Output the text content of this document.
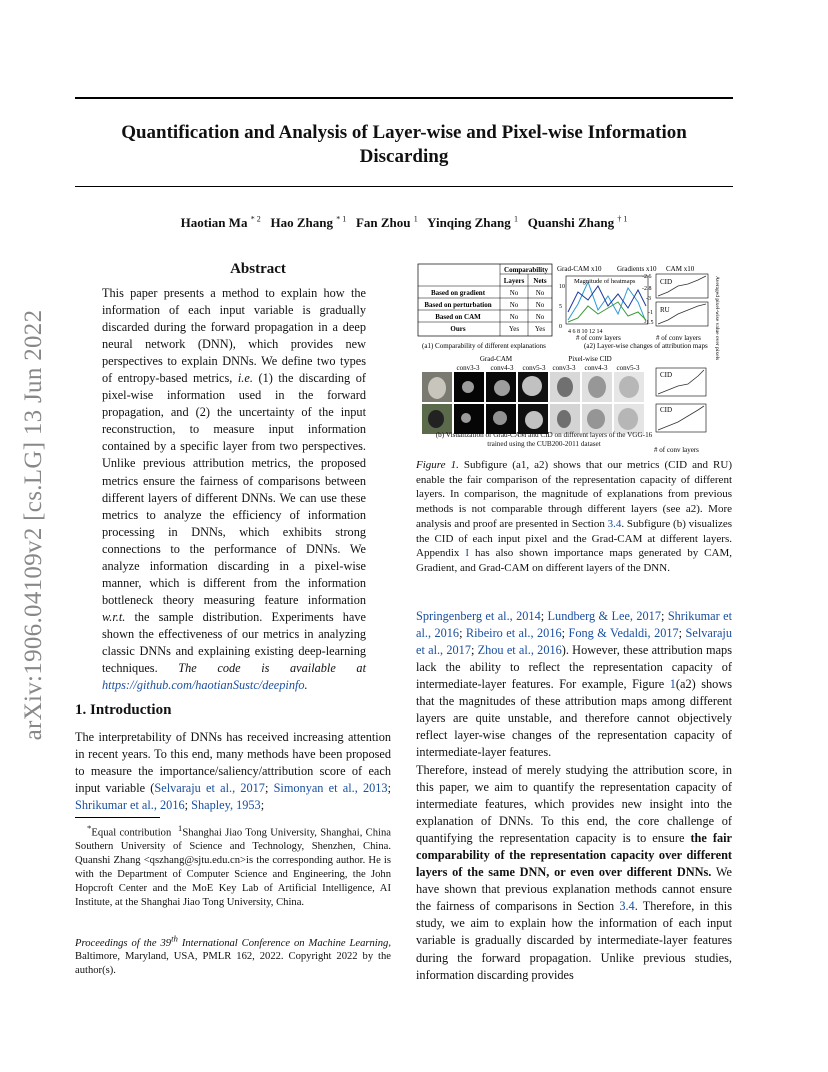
arXiv:1906.04109v2 [cs.LG] 13 Jun 2022
Quantification and Analysis of Layer-wise and Pixel-wise Information
Discarding
Haotian Ma $^{* 2}$ Hao Zhang $^{* 1}$ Fan Zhou $^1$ Yinqing Zhang $^1$ Quanshi Zhang $^{\dagger 1}$
Abstract

This paper presents a method to explain how the information of each input variable is gradually discarded during the forward propagation in a deep neural network (DNN), which provides new perspectives to explain DNNs. We define two types of entropy-based metrics, i.e. (1) the discarding of pixel-wise information used in the forward propagation, and (2) the uncertainty of the input reconstruction, to measure input information contained by a specific layer from two perspectives. Unlike previous attribution metrics, the proposed metrics ensure the fairness of comparisons between different layers of different DNNs. We can use these metrics to analyze the efficiency of information processing in DNNs, which exhibits strong connections to the performance of DNNs. We analyze information discarding in a pixel-wise manner, which is different from the information bottleneck theory measuring feature information w.r.t. the sample distribution. Experiments have shown the effectiveness of our metrics in analyzing classic DNNs and explaining existing deep-learning techniques. The code is available at https://github.com/haotianSustc/deepinfo.

1. Introduction

The interpretability of DNNs has received increasing attention in recent years. To this end, many methods have been proposed to measure the importance/saliency/attribution score of each input variable (Selvaraju et al., 2017; Simonyan et al., 2013; Shrikumar et al., 2016; Shapley, 1953;

*Equal contribution $^1$Shanghai Jiao Tong University, Shanghai, China Southern University of Science and Technology, Shenzhen, China. Quanshi Zhang <qszhang@sjtu.edu.cn>is the corresponding author. He is with the Department of Computer Science and Engineering, the John Hopcroft Center and the MoE Key Lab of Artificial Intelligence, AI Institute, at the Shanghai Jiao Tong University, China.

Proceedings of the 39th International Conference on Machine Learning, Baltimore, Maryland, USA, PMLR 162, 2022. Copyright 2022 by the author(s).

Comparability
Layers Nets
Based on gradient	No No
Based on perturbation	No No
Based on CAM	No No
Ours	Yes Yes
Grad-CAM x10 Gradients x10 CAM x10
Magnitude of heatmaps
4 6 8 10 12 14
# of conv layers
10
5
0
CID
RU
# of conv layers
-2.6
-2.8
-3
-1
-1.5	Averaged pixel-wise value over pixels
(a1) Comparability of different explanations	(a2) Layer-wise changes of attribution maps
Grad-CAM	Pixel-wise CID
conv3-3 conv4-3 conv5-3 conv3-3 conv4-3 conv5-3
CID
CID
# of conv layers

(b) Visualization of Grad-CAM and CID on different layers of the VGG-16 trained using the CUB200-2011 dataset

Figure 1. Subfigure (a1, a2) shows that our metrics (CID and RU) enable the fair comparison of the representation capacity of different layers. In comparison, the magnitude of explanations from previous methods is not comparable through different layers (see a2). More analysis and proof are presented in Section 3.4. Subfigure (b) visualizes the CID of each input pixel and the Grad-CAM at different layers. Appendix I has also shown importance maps generated by CAM, Gradient, and Grad-CAM on different layers of the DNN.

Springenberg et al., 2014; Lundberg & Lee, 2017; Shrikumar et al., 2016; Ribeiro et al., 2016; Fong & Vedaldi, 2017; Selvaraju et al., 2017; Zhou et al., 2016). However, these attribution maps lack the ability to reflect the representation capacity of intermediate-layer features. For example, Figure 1(a2) shows that the magnitudes of these attribution maps among different layers are quite unstable, and therefore cannot objectively reflect layer-wise changes of the representation capacity of intermediate-layer features.

Therefore, instead of merely studying the attribution score, in this paper, we aim to quantify the representation capacity of intermediate features, which provides new insight into the explanation of DNNs. To this end, the core challenge of quantifying the representation capacity is to ensure the fair comparability of the representation capacity over different layers of the same DNN, or even over different DNNs. We have shown that previous explanation methods cannot ensure the fairness of comparisons in Section 3.4. Therefore, in this study, we aim to explain how the information of each input variable is gradually discarded by intermediate-layer features during the forward propagation. Unlike previous studies, information discarding provides
